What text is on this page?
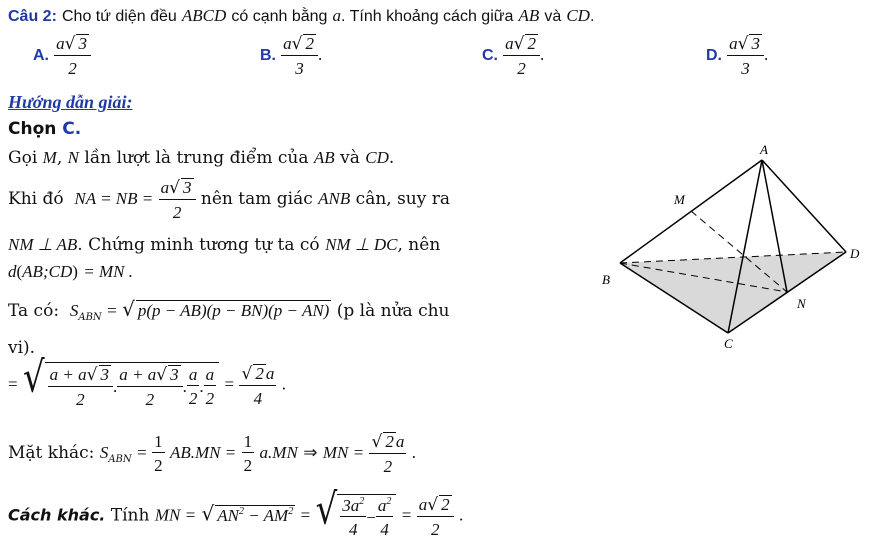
Câu 2: Cho tứ diện đều ABCD có cạnh bằng a. Tính khoảng cách giữa AB và CD.
A. $\frac{a√ 3}{2}$	B. $\frac{a√ 2}{3}$ .	C. $\frac{a√ 2}{2}$ .	D. $\frac{a√ 3}{3}$ .
Hướng dẫn giải:
Chọn C.
Gọi M, N lần lượt là trung điểm của AB và CD.
Khi đó NA = NB = $\frac{a√ 3}{2}$ nên tam giác ANB cân, suy ra
NM ⊥ AB. Chứng minh tương tự ta có NM ⊥ DC, nên
d(AB;CD) = MN .
Ta có: $S_{ABN}$ = √ p(p − AB)(p − BN)(p − AN) (p là nửa chu
vi).
= √ $\frac{a + a√ 3}{2}$ . $\frac{a + a√ 3}{2}$ . $\frac{a}{2}$ . $\frac{a}{2} = \frac{√ 2 a}{4}$ .
Mặt khác: $S_{ABN} = \frac{1}{2} AB.MN = \frac{1}{2} a.MN$ ⇒ MN = $\frac{√ 2 a}{2}$ .
Cách khác. Tính MN = √ $AN^2 - AM^2$ = √ $\frac{3a^2}{4} - \frac{a^2}{4} = \frac{a√ 2}{2}$ .
A
M
D
B
N
C
